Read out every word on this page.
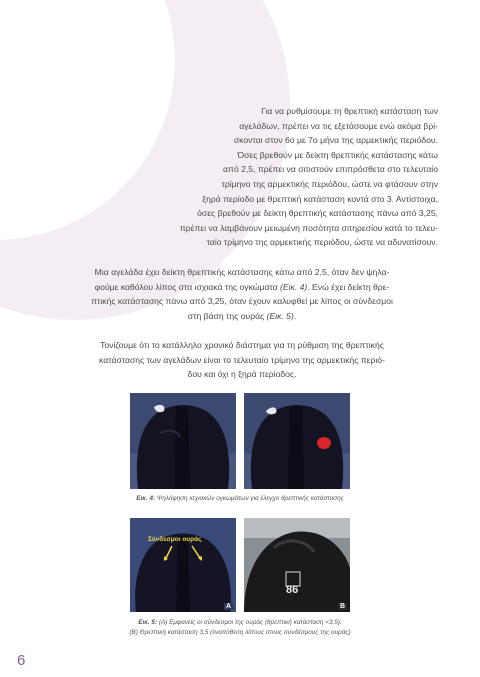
Για να ρυθμίσουμε τη θρεπτική κατάσταση των
αγελάδων, πρέπει να τις εξετάσουμε ενώ ακόμα βρί-
σκονται στον 6ο με 7ο μήνα της αρμεκτικής περιόδου.
Όσες βρεθούν με δείκτη θρεπτικής κατάστασης κάτω
από 2,5, πρέπει να σιτιστούν επιπρόσθετα στο τελευταίο
τρίμηνο της αρμεκτικής περιόδου, ώστε να φτάσουν στην
ξηρά περίοδο με θρεπτική κατάσταση κοντά στο 3. Αντίστοιχα,
όσες βρεθούν με δείκτη θρεπτικής κατάστασης πάνω από 3,25,
πρέπει να λαμβάνουν μειωμένη ποσότητα σιτηρεσίου κατά το τελευ-
ταίο τρίμηνο της αρμεκτικής περιόδου, ώστε να αδυνατίσουν.

Μια αγελάδα έχει δείκτη θρεπτικής κατάστασης κάτω από 2,5, όταν δεν ψηλα-
φούμε καθόλου λίπος στα ισχιακά της ογκώματα (Εικ. 4). Ενώ έχει δείκτη θρε-
πτικής κατάστασης πάνω από 3,25, όταν έχουν καλυφθεί με λίπος οι σύνδεσμοι
στη βάση της ουράς (Εικ. 5).

Τονίζουμε ότι το κατάλληλο χρονικό διάστημα για τη ρύθμιση της θρεπτικής
κατάστασης των αγελάδων είναι το τελευταίο τρίμηνο της αρμεκτικής περιό-
δου και όχι η ξηρά περίοδος.

Εικ. 4: Ψηλάφηση ισχιακών ογκωμάτων για έλεγχο θρεπτικής κατάστασης
Σύνδεσμοι ουράς
A
86
B
Εικ. 5: (Α) Εμφανείς οι σύνδεσμοι της ουράς (θρεπτική κατάσταση <3,5).
(Β) Θρεπτική κατάσταση 3,5 (εναπόθεση λίπους στους συνδέσμους της ουράς)
6
